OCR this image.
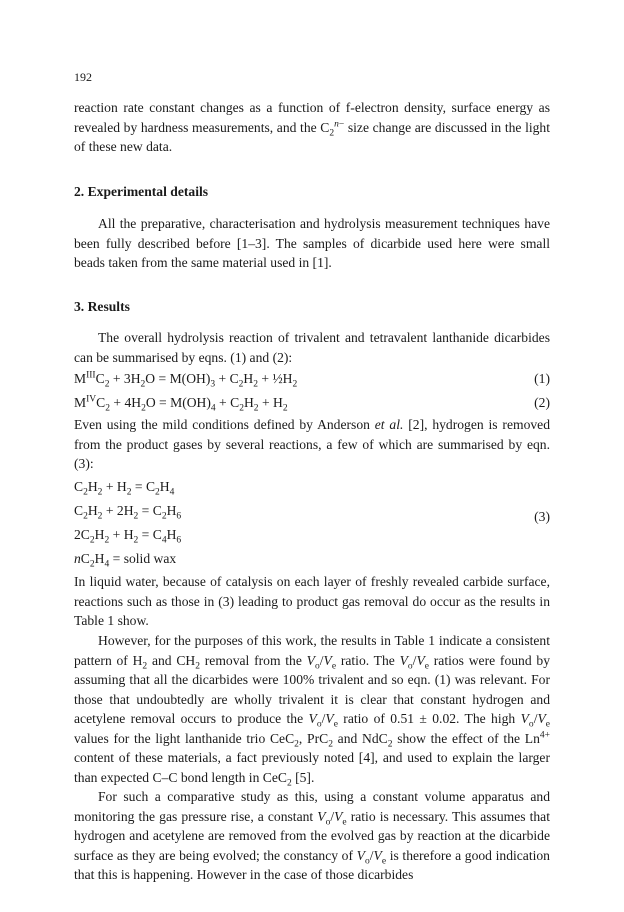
192

reaction rate constant changes as a function of f-electron density, surface energy as revealed by hardness measurements, and the $C_2^{n-}$ size change are discussed in the light of these new data.

2. Experimental details

All the preparative, characterisation and hydrolysis measurement techniques have been fully described before [1–3]. The samples of dicarbide used here were small beads taken from the same material used in [1].

3. Results

The overall hydrolysis reaction of trivalent and tetravalent lanthanide dicarbides can be summarised by eqns. (1) and (2):

$M^{III}C_2 + 3H_2O = M(OH)_3 + C_2H_2$ + $\frac{1}{2}H_2$	(1)
$M^{IV}C_2 + 4H_2O = M(OH)_4 + C_2H_2 + H_2$	(2)

Even using the mild conditions defined by Anderson et al. [2], hydrogen is removed from the product gases by several reactions, a few of which are summarised by eqn. (3):

$C_2H_2 + H_2 = C_2H_4$
$C_2H_2 + 2H_2 = C_2H_6$	(3)
$2C_2H_2 + H_2 = C_4H_6$
$nC_2H_4$ = solid wax

In liquid water, because of catalysis on each layer of freshly revealed carbide surface, reactions such as those in (3) leading to product gas removal do occur as the results in Table 1 show.

However, for the purposes of this work, the results in Table 1 indicate a consistent pattern of $H_2$ and $CH_2$ removal from the $V_o/V_e$ ratio. The $V_o/V_e$ ratios were found by assuming that all the dicarbides were 100% trivalent and so eqn. (1) was relevant. For those that undoubtedly are wholly trivalent it is clear that constant hydrogen and acetylene removal occurs to produce the $V_o/V_e$ ratio of 0.51 ± 0.02. The high $V_o/V_e$ values for the light lanthanide trio CeC$_2$, PrC$_2$ and NdC$_2$ show the effect of the $Ln^{4+}$ content of these materials, a fact previously noted [4], and used to explain the larger than expected C–C bond length in CeC$_2$ [5].

For such a comparative study as this, using a constant volume apparatus and monitoring the gas pressure rise, a constant $V_o/V_e$ ratio is necessary. This assumes that hydrogen and acetylene are removed from the evolved gas by reaction at the dicarbide surface as they are being evolved; the constancy of $V_o/V_e$ is therefore a good indication that this is happening. However in the case of those dicarbides
